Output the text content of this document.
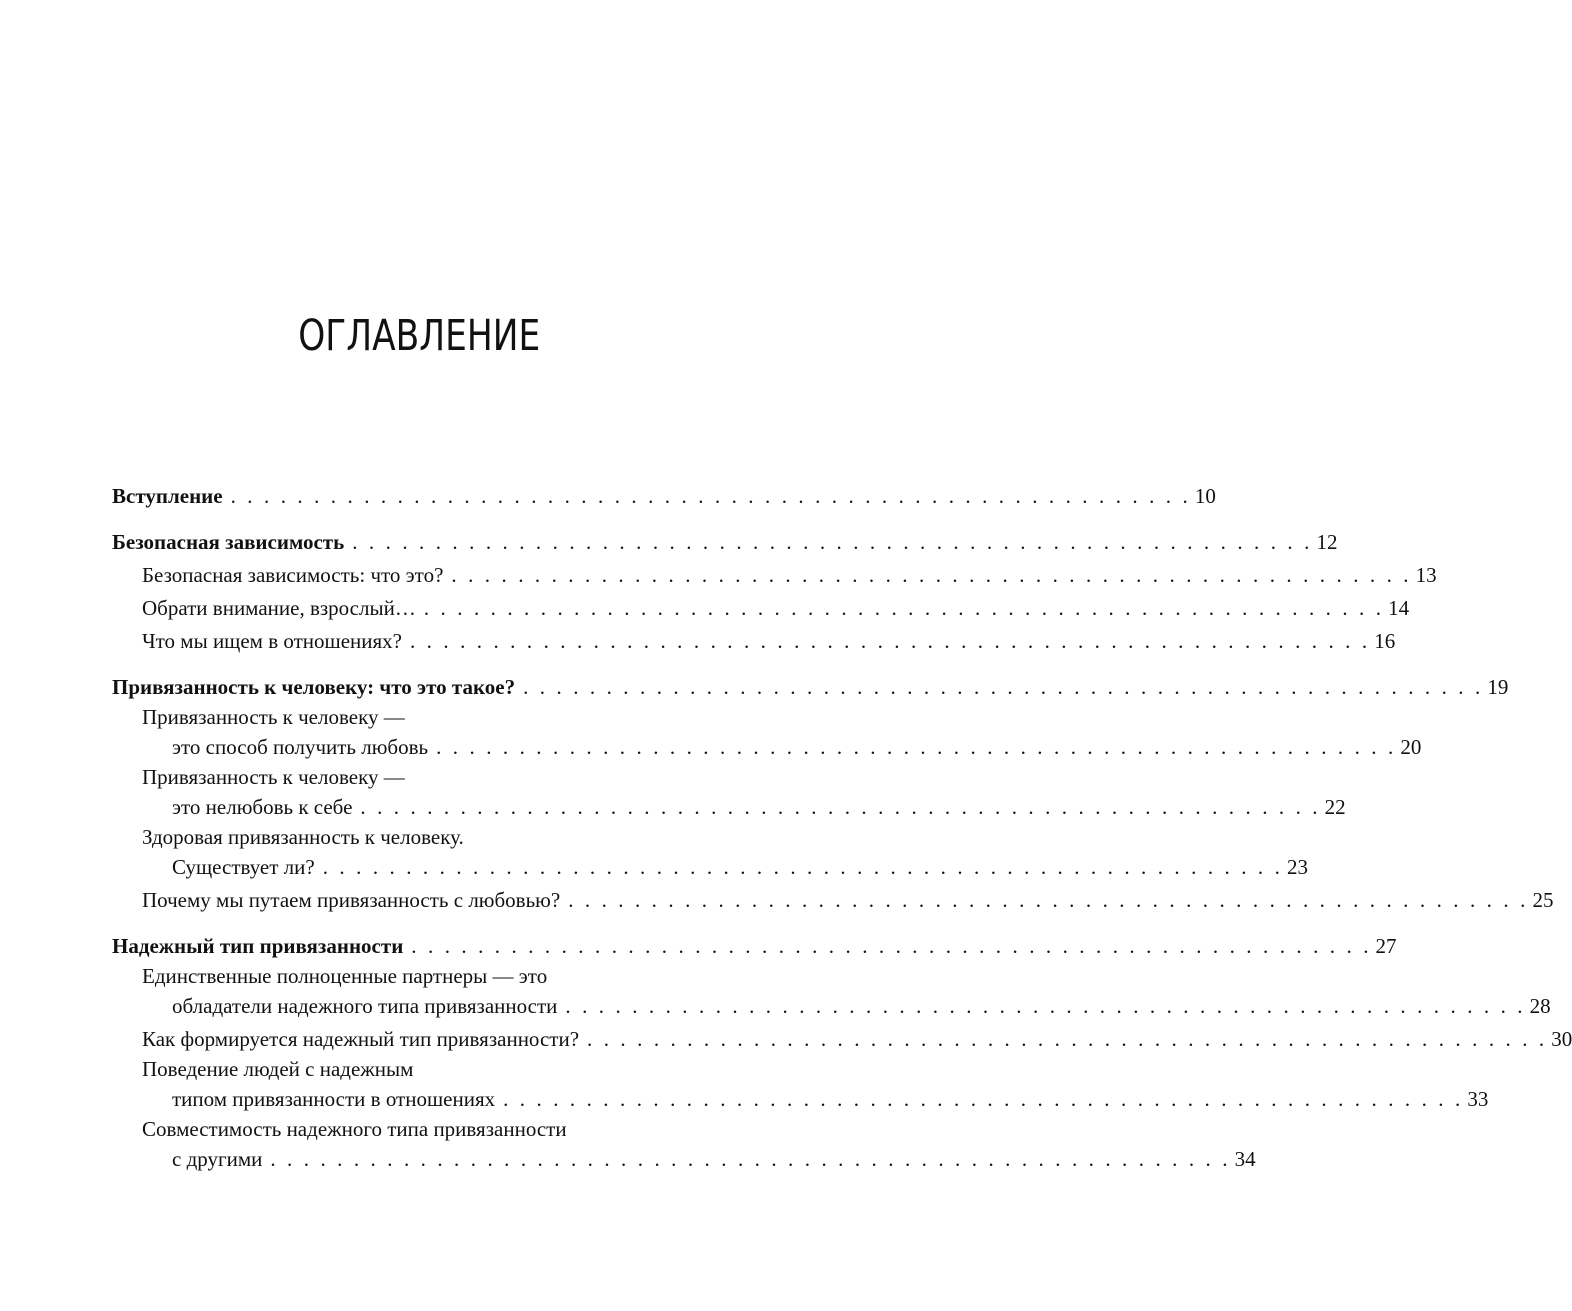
ОГЛАВЛЕНИЕ
Вступление . . . . . . . . . . . . . . . . . . . . . . . . . . . . . . . . . . . . . . . . . . . . . . . . . . . . . . . . . . 10
Безопасная зависимость . . . . . . . . . . . . . . . . . . . . . . . . . . . . . . . . . . . . . . . . . . . . . . . . . . . . . . . . . . 12
Безопасная зависимость: что это? . . . . . . . . . . . . . . . . . . . . . . . . . . . . . . . . . . . . . . . . . . . . . . . . . . . . . . . . . . 13
Обрати внимание, взрослый… . . . . . . . . . . . . . . . . . . . . . . . . . . . . . . . . . . . . . . . . . . . . . . . . . . . . . . . . . . 14
Что мы ищем в отношениях? . . . . . . . . . . . . . . . . . . . . . . . . . . . . . . . . . . . . . . . . . . . . . . . . . . . . . . . . . . 16
Привязанность к человеку: что это такое? . . . . . . . . . . . . . . . . . . . . . . . . . . . . . . . . . . . . . . . . . . . . . . . . . . . . . . . . . . 19
Привязанность к человеку —
это способ получить любовь . . . . . . . . . . . . . . . . . . . . . . . . . . . . . . . . . . . . . . . . . . . . . . . . . . . . . . . . . . 20
Привязанность к человеку —
это нелюбовь к себе . . . . . . . . . . . . . . . . . . . . . . . . . . . . . . . . . . . . . . . . . . . . . . . . . . . . . . . . . . 22
Здоровая привязанность к человеку.
Существует ли? . . . . . . . . . . . . . . . . . . . . . . . . . . . . . . . . . . . . . . . . . . . . . . . . . . . . . . . . . . 23
Почему мы путаем привязанность с любовью? . . . . . . . . . . . . . . . . . . . . . . . . . . . . . . . . . . . . . . . . . . . . . . . . . . . . . . . . . . 25
Надежный тип привязанности . . . . . . . . . . . . . . . . . . . . . . . . . . . . . . . . . . . . . . . . . . . . . . . . . . . . . . . . . . 27
Единственные полноценные партнеры — это
обладатели надежного типа привязанности . . . . . . . . . . . . . . . . . . . . . . . . . . . . . . . . . . . . . . . . . . . . . . . . . . . . . . . . . . 28
Как формируется надежный тип привязанности? . . . . . . . . . . . . . . . . . . . . . . . . . . . . . . . . . . . . . . . . . . . . . . . . . . . . . . . . . . 30
Поведение людей с надежным
типом привязанности в отношениях . . . . . . . . . . . . . . . . . . . . . . . . . . . . . . . . . . . . . . . . . . . . . . . . . . . . . . . . . . 33
Совместимость надежного типа привязанности
с другими . . . . . . . . . . . . . . . . . . . . . . . . . . . . . . . . . . . . . . . . . . . . . . . . . . . . . . . . . . 34
